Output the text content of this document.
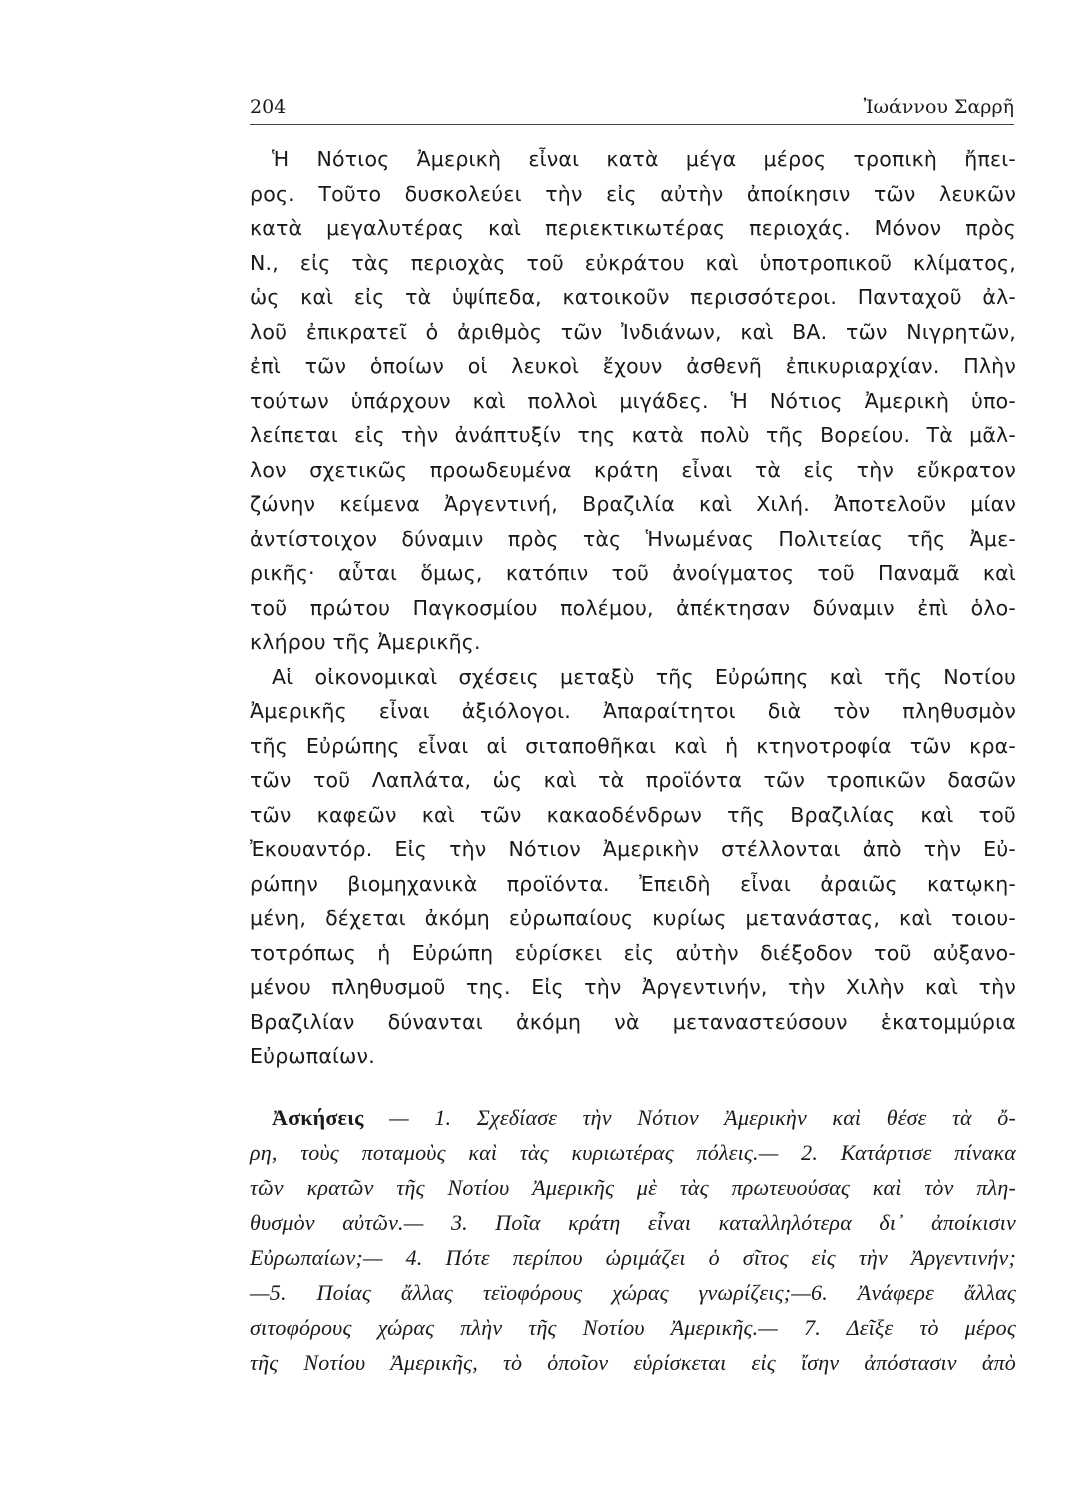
204	Ἰωάννου Σαρρῆ
Ἡ Νότιος Ἀμερικὴ εἶναι κατὰ μέγα μέρος τροπικὴ ἤπει-
ρος. Τοῦτο δυσκολεύει τὴν εἰς αὐτὴν ἀποίκησιν τῶν λευκῶν
κατὰ μεγαλυτέρας καὶ περιεκτικωτέρας περιοχάς. Μόνον πρὸς
Ν., εἰς τὰς περιοχὰς τοῦ εὐκράτου καὶ ὑποτροπικοῦ κλίματος,
ὡς καὶ εἰς τὰ ὑψίπεδα, κατοικοῦν περισσότεροι. Πανταχοῦ ἀλ-
λοῦ ἐπικρατεῖ ὁ ἀριθμὸς τῶν Ἰνδιάνων, καὶ ΒΑ. τῶν Νιγρητῶν,
ἐπὶ τῶν ὁποίων οἱ λευκοὶ ἔχουν ἀσθενῆ ἐπικυριαρχίαν. Πλὴν
τούτων ὑπάρχουν καὶ πολλοὶ μιγάδες. Ἡ Νότιος Ἀμερικὴ ὑπο-
λείπεται εἰς τὴν ἀνάπτυξίν της κατὰ πολὺ τῆς Βορείου. Τὰ μᾶλ-
λον σχετικῶς προωδευμένα κράτη εἶναι τὰ εἰς τὴν εὔκρατον
ζώνην κείμενα Ἀργεντινή, Βραζιλία καὶ Χιλή. Ἀποτελοῦν μίαν
ἀντίστοιχον δύναμιν πρὸς τὰς Ἡνωμένας Πολιτείας τῆς Ἀμε-
ρικῆς· αὗται ὅμως, κατόπιν τοῦ ἀνοίγματος τοῦ Παναμᾶ καὶ
τοῦ πρώτου Παγκοσμίου πολέμου, ἀπέκτησαν δύναμιν ἐπὶ ὁλο-
κλήρου τῆς Ἀμερικῆς.
Αἱ οἰκονομικαὶ σχέσεις μεταξὺ τῆς Εὐρώπης καὶ τῆς Νοτίου
Ἀμερικῆς εἶναι ἀξιόλογοι. Ἀπαραίτητοι διὰ τὸν πληθυσμὸν
τῆς Εὐρώπης εἶναι αἱ σιταποθῆκαι καὶ ἡ κτηνοτροφία τῶν κρα-
τῶν τοῦ Λαπλάτα, ὡς καὶ τὰ προϊόντα τῶν τροπικῶν δασῶν
τῶν καφεῶν καὶ τῶν κακαοδένδρων τῆς Βραζιλίας καὶ τοῦ
Ἐκουαντόρ. Εἰς τὴν Νότιον Ἀμερικὴν στέλλονται ἀπὸ τὴν Εὐ-
ρώπην βιομηχανικὰ προϊόντα. Ἐπειδὴ εἶναι ἀραιῶς κατῳκη-
μένη, δέχεται ἀκόμη εὐρωπαίους κυρίως μετανάστας, καὶ τοιου-
τοτρόπως ἡ Εὐρώπη εὑρίσκει εἰς αὐτὴν διέξοδον τοῦ αὐξανο-
μένου πληθυσμοῦ της. Εἰς τὴν Ἀργεντινήν, τὴν Χιλὴν καὶ τὴν
Βραζιλίαν δύνανται ἀκόμη νὰ μεταναστεύσουν ἑκατομμύρια
Εὐρωπαίων.
Ἀσκήσεις — 1. Σχεδίασε τὴν Νότιον Ἀμερικὴν καὶ θέσε τὰ ὄ-
ρη, τοὺς ποταμοὺς καὶ τὰς κυριωτέρας πόλεις.— 2. Κατάρτισε πίνακα
τῶν κρατῶν τῆς Νοτίου Ἀμερικῆς μὲ τὰς πρωτευούσας καὶ τὸν πλη-
θυσμὸν αὐτῶν.— 3. Ποῖα κράτη εἶναι καταλληλότερα δι᾽ ἀποίκισιν
Εὐρωπαίων;— 4. Πότε περίπου ὡριμάζει ὁ σῖτος εἰς τὴν Ἀργεντινήν;
—5. Ποίας ἄλλας τεϊοφόρους χώρας γνωρίζεις;—6. Ἀνάφερε ἄλλας
σιτοφόρους χώρας πλὴν τῆς Νοτίου Ἀμερικῆς.— 7. Δεῖξε τὸ μέρος
τῆς Νοτίου Ἀμερικῆς, τὸ ὁποῖον εὑρίσκεται εἰς ἴσην ἀπόστασιν ἀπὸ
